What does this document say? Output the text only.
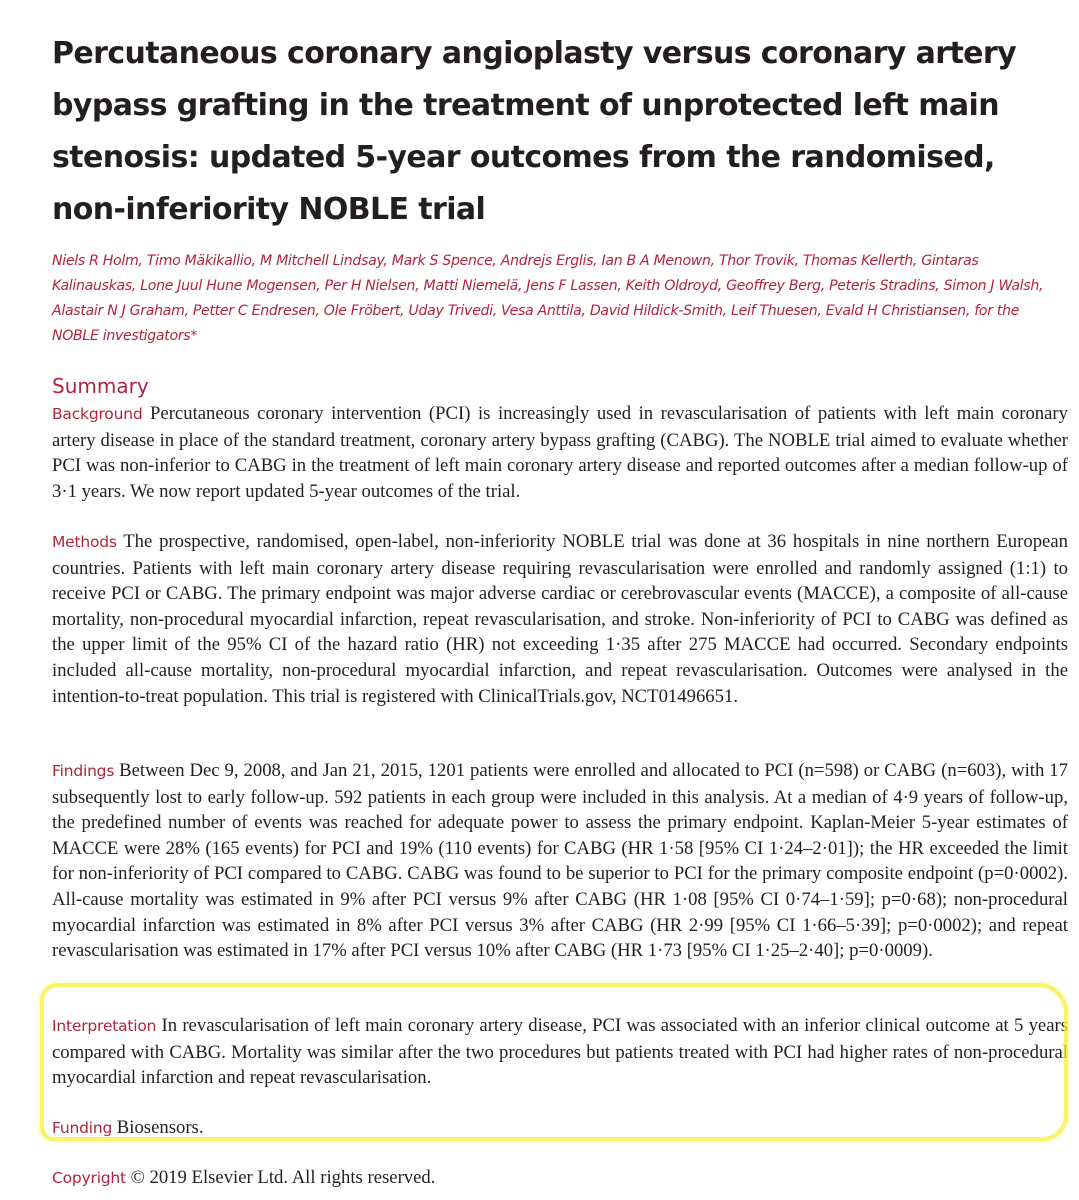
Percutaneous coronary angioplasty versus coronary artery bypass grafting in the treatment of unprotected left main stenosis: updated 5-year outcomes from the randomised, non-inferiority NOBLE trial

Niels R Holm, Timo Mäkikallio, M Mitchell Lindsay, Mark S Spence, Andrejs Erglis, Ian B A Menown, Thor Trovik, Thomas Kellerth, Gintaras Kalinauskas, Lone Juul Hune Mogensen, Per H Nielsen, Matti Niemelä, Jens F Lassen, Keith Oldroyd, Geoffrey Berg, Peteris Stradins, Simon J Walsh, Alastair N J Graham, Petter C Endresen, Ole Fröbert, Uday Trivedi, Vesa Anttila, David Hildick-Smith, Leif Thuesen, Evald H Christiansen, for the NOBLE investigators*

Summary

Background Percutaneous coronary intervention (PCI) is increasingly used in revascularisation of patients with left main coronary artery disease in place of the standard treatment, coronary artery bypass grafting (CABG). The NOBLE trial aimed to evaluate whether PCI was non-inferior to CABG in the treatment of left main coronary artery disease and reported outcomes after a median follow-up of 3·1 years. We now report updated 5-year outcomes of the trial.

Methods The prospective, randomised, open-label, non-inferiority NOBLE trial was done at 36 hospitals in nine northern European countries. Patients with left main coronary artery disease requiring revascularisation were enrolled and randomly assigned (1:1) to receive PCI or CABG. The primary endpoint was major adverse cardiac or cerebrovascular events (MACCE), a composite of all-cause mortality, non-procedural myocardial infarction, repeat revascularisation, and stroke. Non-inferiority of PCI to CABG was defined as the upper limit of the 95% CI of the hazard ratio (HR) not exceeding 1·35 after 275 MACCE had occurred. Secondary endpoints included all-cause mortality, non-procedural myocardial infarction, and repeat revascularisation. Outcomes were analysed in the intention-to-treat population. This trial is registered with ClinicalTrials.gov, NCT01496651.

Findings Between Dec 9, 2008, and Jan 21, 2015, 1201 patients were enrolled and allocated to PCI (n=598) or CABG (n=603), with 17 subsequently lost to early follow-up. 592 patients in each group were included in this analysis. At a median of 4·9 years of follow-up, the predefined number of events was reached for adequate power to assess the primary endpoint. Kaplan-Meier 5-year estimates of MACCE were 28% (165 events) for PCI and 19% (110 events) for CABG (HR 1·58 [95% CI 1·24–2·01]); the HR exceeded the limit for non-inferiority of PCI compared to CABG. CABG was found to be superior to PCI for the primary composite endpoint (p=0·0002). All-cause mortality was estimated in 9% after PCI versus 9% after CABG (HR 1·08 [95% CI 0·74–1·59]; p=0·68); non-procedural myocardial infarction was estimated in 8% after PCI versus 3% after CABG (HR 2·99 [95% CI 1·66–5·39]; p=0·0002); and repeat revascularisation was estimated in 17% after PCI versus 10% after CABG (HR 1·73 [95% CI 1·25–2·40]; p=0·0009).

Interpretation In revascularisation of left main coronary artery disease, PCI was associated with an inferior clinical outcome at 5 years compared with CABG. Mortality was similar after the two procedures but patients treated with PCI had higher rates of non-procedural myocardial infarction and repeat revascularisation.

Funding Biosensors.

Copyright © 2019 Elsevier Ltd. All rights reserved.
